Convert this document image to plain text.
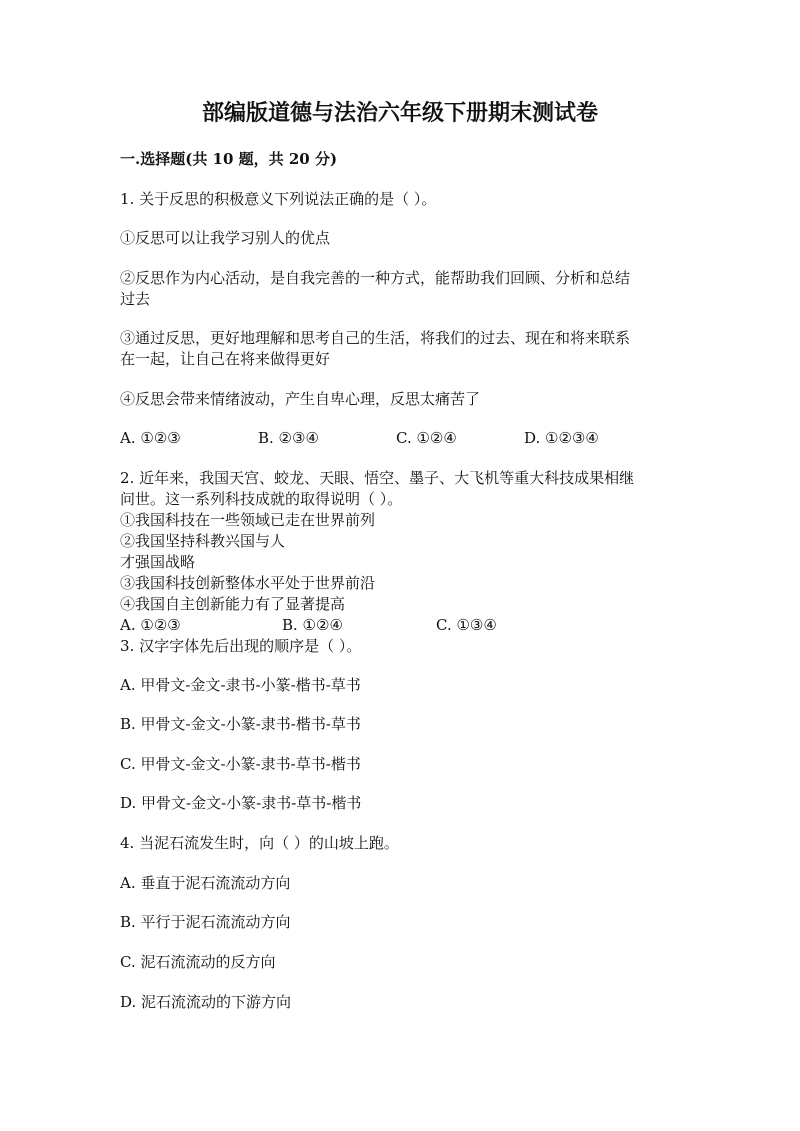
部编版道德与法治六年级下册期末测试卷
一.选择题(共 10 题，共 20 分)
1. 关于反思的积极意义下列说法正确的是（ ）。
①反思可以让我学习别人的优点
②反思作为内心活动，是自我完善的一种方式，能帮助我们回顾、分析和总结
过去
③通过反思，更好地理解和思考自己的生活，将我们的过去、现在和将来联系
在一起，让自己在将来做得更好
④反思会带来情绪波动，产生自卑心理，反思太痛苦了
A. ①②③	B. ②③④	C. ①②④	D. ①②③④
2. 近年来，我国天宫、蛟龙、天眼、悟空、墨子、大飞机等重大科技成果相继
问世。这一系列科技成就的取得说明（ ）。
①我国科技在一些领域已走在世界前列
②我国坚持科教兴国与人
才强国战略
③我国科技创新整体水平处于世界前沿
④我国自主创新能力有了显著提高
A. ①②③	B. ①②④	C. ①③④
3. 汉字字体先后出现的顺序是（ ）。
A. 甲骨文-金文-隶书-小篆-楷书-草书
B. 甲骨文-金文-小篆-隶书-楷书-草书
C. 甲骨文-金文-小篆-隶书-草书-楷书
D. 甲骨文-金文-小篆-隶书-草书-楷书
4. 当泥石流发生时，向（ ）的山坡上跑。
A. 垂直于泥石流流动方向
B. 平行于泥石流流动方向
C. 泥石流流动的反方向
D. 泥石流流动的下游方向
